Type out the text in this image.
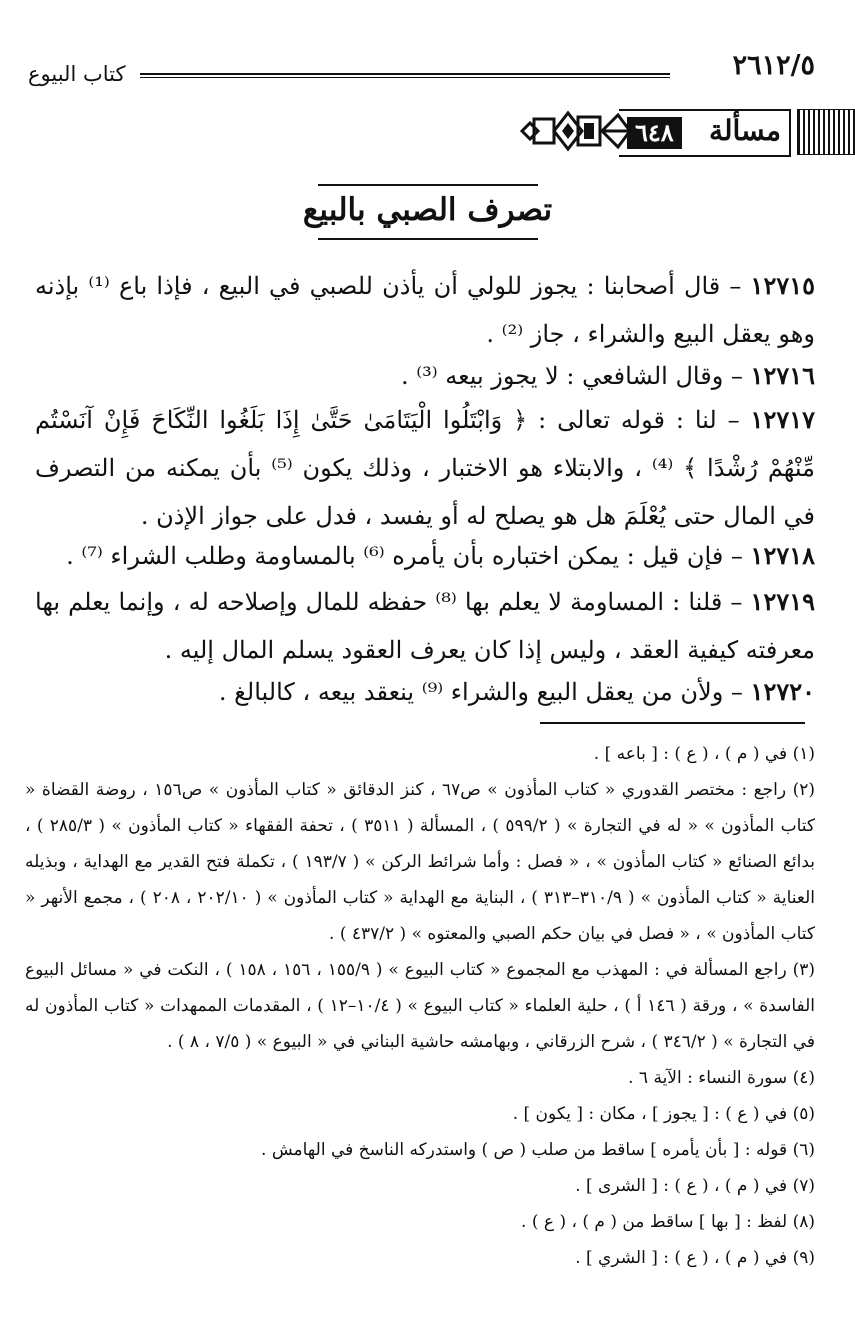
٢٦١٢/٥
كتاب البيوع
مسألة
٦٤٨
تصرف الصبي بالبيع
١٢٧١٥ – قال أصحابنا : يجوز للولي أن يأذن للصبي في البيع ، فإذا باع ⁽¹⁾ بإذنه وهو يعقل البيع والشراء ، جاز ⁽²⁾ .
١٢٧١٦ – وقال الشافعي : لا يجوز بيعه ⁽³⁾ .
١٢٧١٧ – لنا : قوله تعالى : ﴿ وَابْتَلُوا الْيَتَامَىٰ حَتَّىٰ إِذَا بَلَغُوا النِّكَاحَ فَإِنْ آنَسْتُم مِّنْهُمْ رُشْدًا ﴾ ⁽⁴⁾ ، والابتلاء هو الاختبار ، وذلك يكون ⁽⁵⁾ بأن يمكنه من التصرف في المال حتى يُعْلَمَ هل هو يصلح له أو يفسد ، فدل على جواز الإذن .
١٢٧١٨ – فإن قيل : يمكن اختباره بأن يأمره ⁽⁶⁾ بالمساومة وطلب الشراء ⁽⁷⁾ .
١٢٧١٩ – قلنا : المساومة لا يعلم بها ⁽⁸⁾ حفظه للمال وإصلاحه له ، وإنما يعلم بها معرفته كيفية العقد ، وليس إذا كان يعرف العقود يسلم المال إليه .
١٢٧٢٠ – ولأن من يعقل البيع والشراء ⁽⁹⁾ ينعقد بيعه ، كالبالغ .
(١) في ( م ) ، ( ع ) : [ باعه ] .
(٢) راجع : مختصر القدوري « كتاب المأذون » ص٦٧ ، كنز الدقائق « كتاب المأذون » ص١٥٦ ، روضة القضاة « كتاب المأذون » « له في التجارة » ( ٥٩٩/٢ ) ، المسألة ( ٣٥١١ ) ، تحفة الفقهاء « كتاب المأذون » ( ٢٨٥/٣ ) ، بدائع الصنائع « كتاب المأذون » ، « فصل : وأما شرائط الركن » ( ١٩٣/٧ ) ، تكملة فتح القدير مع الهداية ، وبذيله العناية « كتاب المأذون » ( ٣١٠/٩–٣١٣ ) ، البناية مع الهداية « كتاب المأذون » ( ٢٠٢/١٠ ، ٢٠٨ ) ، مجمع الأنهر « كتاب المأذون » ، « فصل في بيان حكم الصبي والمعتوه » ( ٤٣٧/٢ ) .
(٣) راجع المسألة في : المهذب مع المجموع « كتاب البيوع » ( ١٥٥/٩ ، ١٥٦ ، ١٥٨ ) ، النكت في « مسائل البيوع الفاسدة » ، ورقة ( ١٤٦ أ ) ، حلية العلماء « كتاب البيوع » ( ١٠/٤–١٢ ) ، المقدمات الممهدات « كتاب المأذون له في التجارة » ( ٣٤٦/٢ ) ، شرح الزرقاني ، وبهامشه حاشية البناني في « البيوع » ( ٧/٥ ، ٨ ) .
(٤) سورة النساء : الآية ٦ .
(٥) في ( ع ) : [ يجوز ] ، مكان : [ يكون ] .
(٦) قوله : [ بأن يأمره ] ساقط من صلب ( ص ) واستدركه الناسخ في الهامش .
(٧) في ( م ) ، ( ع ) : [ الشرى ] .
(٨) لفظ : [ بها ] ساقط من ( م ) ، ( ع ) .
(٩) في ( م ) ، ( ع ) : [ الشري ] .
